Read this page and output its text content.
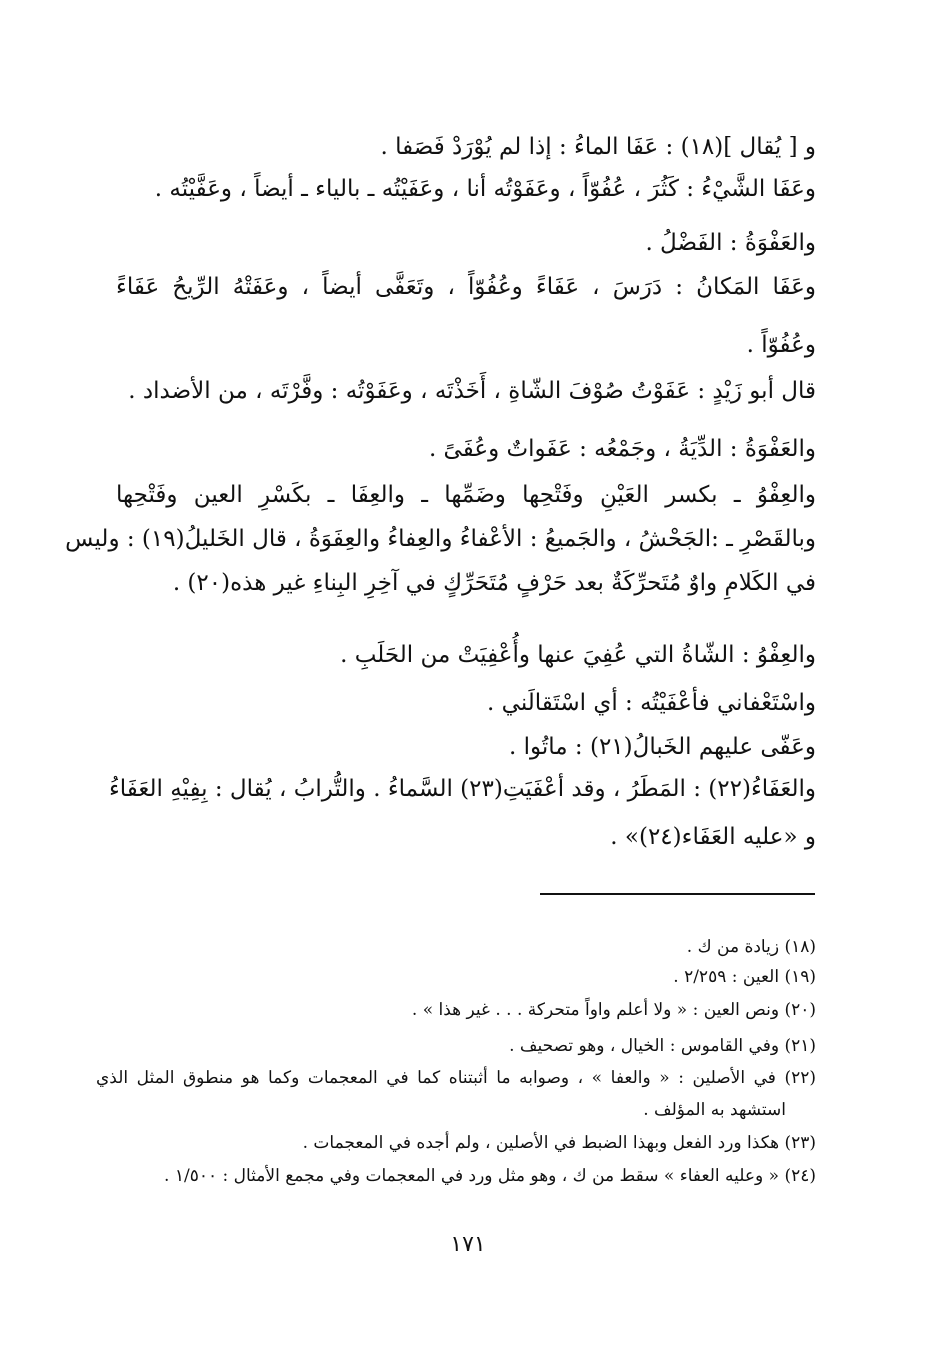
و [ يُقال ](١٨) : عَفَا الماءُ : إذا لم يُوْرَدْ فَصَفا .
وعَفَا الشَّيْءُ : كَثُرَ ، عُفُوّاً ، وعَفَوْتُه أنا ، وعَفَيْتُه ـ بالياء ـ أيضاً ، وعَفَّيْتُه .
والعَفْوَةُ : الفَضْلُ .
وعَفَا المَكانُ : دَرَسَ ، عَفَاءً وعُفُوّاً ، وتَعَفَّى أيضاً ، وعَفَتْهُ الرِّيحُ عَفَاءً
وعُفُوّاً .
قال أبو زَيْدٍ : عَفَوْتُ صُوْفَ الشّاةِ ، أَخَذْتَه ، وعَفَوْتُه : وفَّرْتَه ، من الأضداد .
والعَفْوَةُ : الدِّيَةُ ، وجَمْعُه : عَفَواتٌ وعُفَىً .
والعِفْوُ ـ بكسر العَيْنِ وفَتْحِها وضَمِّها ـ والعِفَا ـ بكَسْرِ العين وفَتْحِها
وبالقَصْرِ ـ :الجَحْشُ ، والجَميعُ : الأعْفاءُ والعِفاءُ والعِفَوَةُ ، قال الخَليلُ(١٩) : وليس
في الكَلامِ واوٌ مُتَحرِّكَةٌ بعد حَرْفٍ مُتَحَرِّكٍ في آخِرِ البِناءِ غير هذه(٢٠) .
والعِفْوُ : الشّاةُ التي عُفِيَ عنها وأُعْفِيَتْ من الحَلَبِ .
واسْتَعْفاني فأعْفَيْتُه : أي اسْتَقالَني .
وعَفّى عليهم الخَبالُ(٢١) : ماتُوا .
والعَفَاءُ(٢٢) : المَطَرُ ، وقد أعْفَيَتِ(٢٣) السَّماءُ . والتُّرابُ ، يُقال : بِفِيْهِ العَفَاءُ
و «عليه العَفَاء(٢٤)» .
(١٨) زيادة من ك .
(١٩) العين : ٢/٢٥٩ .
(٢٠) ونص العين : « ولا أعلم واواً متحركة . . . غير هذا » .
(٢١) وفي القاموس : الخيال ، وهو تصحيف .
(٢٢) في الأصلين : « والعفا » ، وصوابه ما أثبتناه كما في المعجمات وكما هو منطوق المثل الذي
استشهد به المؤلف .
(٢٣) هكذا ورد الفعل وبهذا الضبط في الأصلين ، ولم أجده في المعجمات .
(٢٤) « وعليه العفاء » سقط من ك ، وهو مثل ورد في المعجمات وفي مجمع الأمثال : ١/٥٠٠ .
١٧١
